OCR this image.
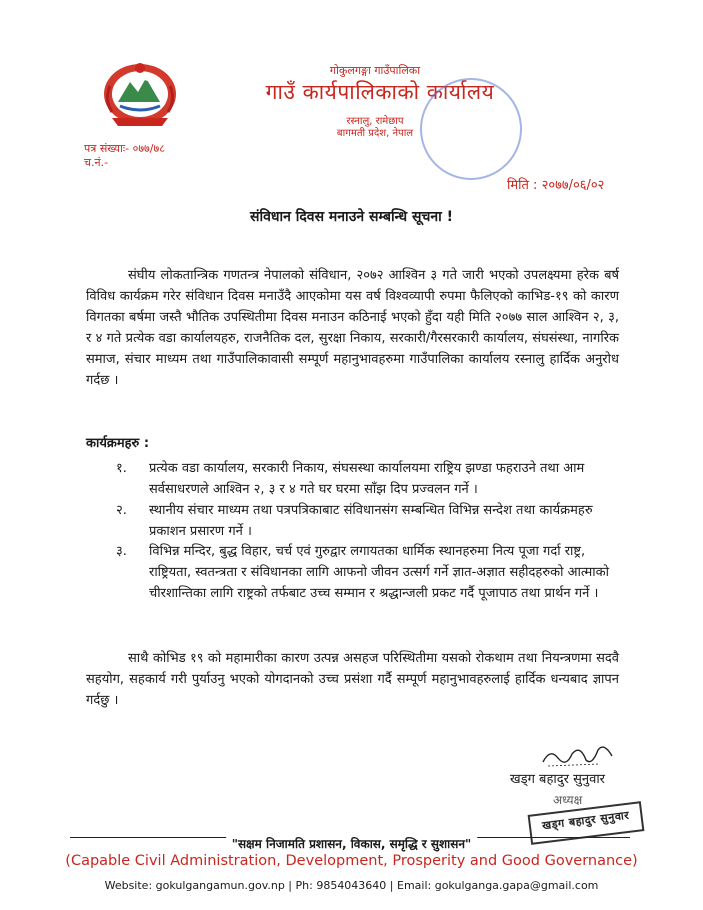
गोकुलगङ्गा गाउँपालिका
गाउँ कार्यपालिकाको कार्यालय
रस्नालु, रामेछाप
बागमती प्रदेश, नेपाल
पत्र संख्याः- ०७७/७८
च.नं.-
मिति : २०७७/०६/०२
संविधान दिवस मनाउने सम्बन्धि सूचना !
संघीय लोकतान्त्रिक गणतन्त्र नेपालको संविधान, २०७२ आश्विन ३ गते जारी भएको उपलक्ष्यमा हरेक बर्ष विविध कार्यक्रम गरेर संविधान दिवस मनाउँदै आएकोमा यस वर्ष विश्वव्यापी रुपमा फैलिएको काभिड-१९ को कारण विगतका बर्षमा जस्तै भौतिक उपस्थितीमा दिवस मनाउन कठिनाई भएको हुँदा यही मिति २०७७ साल आश्विन २, ३, र ४ गते प्रत्येक वडा कार्यालयहरु, राजनैतिक दल, सुरक्षा निकाय, सरकारी/गैरसरकारी कार्यालय, संघसंस्था, नागरिक समाज, संचार माध्यम तथा गाउँपालिकावासी सम्पूर्ण महानुभावहरुमा गाउँपालिका कार्यालय रस्नालु हार्दिक अनुरोध गर्दछ ।
कार्यक्रमहरु :
१. प्रत्येक वडा कार्यालय, सरकारी निकाय, संघसस्था कार्यालयमा राष्ट्रिय झण्डा फहराउने तथा आम सर्वसाधरणले आश्विन २, ३ र ४ गते घर घरमा साँझ दिप प्रज्वलन गर्ने ।
२. स्थानीय संचार माध्यम तथा पत्रपत्रिकाबाट संविधानसंग सम्बन्धित विभिन्न सन्देश तथा कार्यक्रमहरु प्रकाशन प्रसारण गर्ने ।
३. विभिन्न मन्दिर, बुद्ध विहार, चर्च एवं गुरुद्वार लगायतका धार्मिक स्थानहरुमा नित्य पूजा गर्दा राष्ट्र, राष्ट्रियता, स्वतन्त्रता र संविधानका लागि आफनो जीवन उत्सर्ग गर्ने ज्ञात-अज्ञात सहीदहरुको आत्माको चीरशान्तिका लागि राष्ट्रको तर्फबाट उच्च सम्मान र श्रद्धान्जली प्रकट गर्दै पूजापाठ तथा प्रार्थन गर्ने ।
साथै कोभिड १९ को महामारीका कारण उत्पन्न असहज परिस्थितीमा यसको रोकथाम तथा नियन्त्रणमा सदवै सहयोग, सहकार्य गरी पुर्याउनु भएको योगदानको उच्च प्रसंशा गर्दै सम्पूर्ण महानुभावहरुलाई हार्दिक धन्यबाद ज्ञापन गर्दछु ।
खड्ग बहादुर सुनुवार
अध्यक्ष
खड्ग बहादुर सुनुवार
"सक्षम निजामति प्रशासन, विकास, समृद्धि र सुशासन"
(Capable Civil Administration, Development, Prosperity and Good Governance)
Website: gokulgangamun.gov.np | Ph: 9854043640 | Email: gokulganga.gapa@gmail.com
